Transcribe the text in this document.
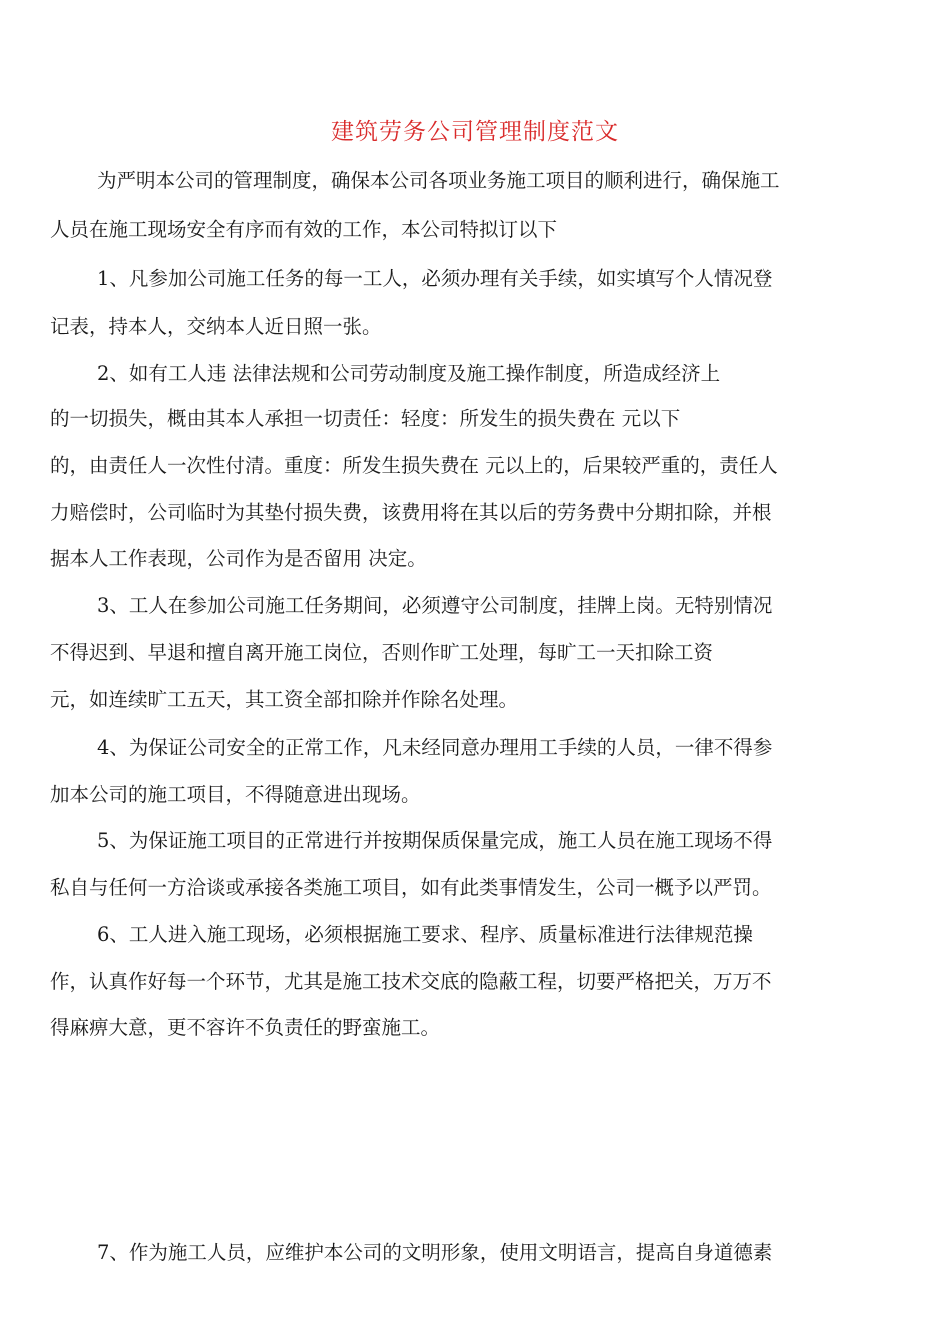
建筑劳务公司管理制度范文
为严明本公司的管理制度，确保本公司各项业务施工项目的顺利进行，确保施工
人员在施工现场安全有序而有效的工作，本公司特拟订以下
1、凡参加公司施工任务的每一工人，必须办理有关手续，如实填写个人情况登
记表，持本人，交纳本人近日照一张。
2、如有工人违 法律法规和公司劳动制度及施工操作制度，所造成经济上
的一切损失，概由其本人承担一切责任：轻度：所发生的损失费在 元以下
的，由责任人一次性付清。重度：所发生损失费在 元以上的，后果较严重的，责任人
力赔偿时，公司临时为其垫付损失费，该费用将在其以后的劳务费中分期扣除，并根
据本人工作表现，公司作为是否留用 决定。
3、工人在参加公司施工任务期间，必须遵守公司制度，挂牌上岗。无特别情况
不得迟到、早退和擅自离开施工岗位，否则作旷工处理，每旷工一天扣除工资
元，如连续旷工五天，其工资全部扣除并作除名处理。
4、为保证公司安全的正常工作，凡未经同意办理用工手续的人员，一律不得参
加本公司的施工项目，不得随意进出现场。
5、为保证施工项目的正常进行并按期保质保量完成，施工人员在施工现场不得
私自与任何一方洽谈或承接各类施工项目，如有此类事情发生，公司一概予以严罚。
6、工人进入施工现场，必须根据施工要求、程序、质量标准进行法律规范操
作，认真作好每一个环节，尤其是施工技术交底的隐蔽工程，切要严格把关，万万不
得麻痹大意，更不容许不负责任的野蛮施工。
7、作为施工人员，应维护本公司的文明形象，使用文明语言，提高自身道德素
